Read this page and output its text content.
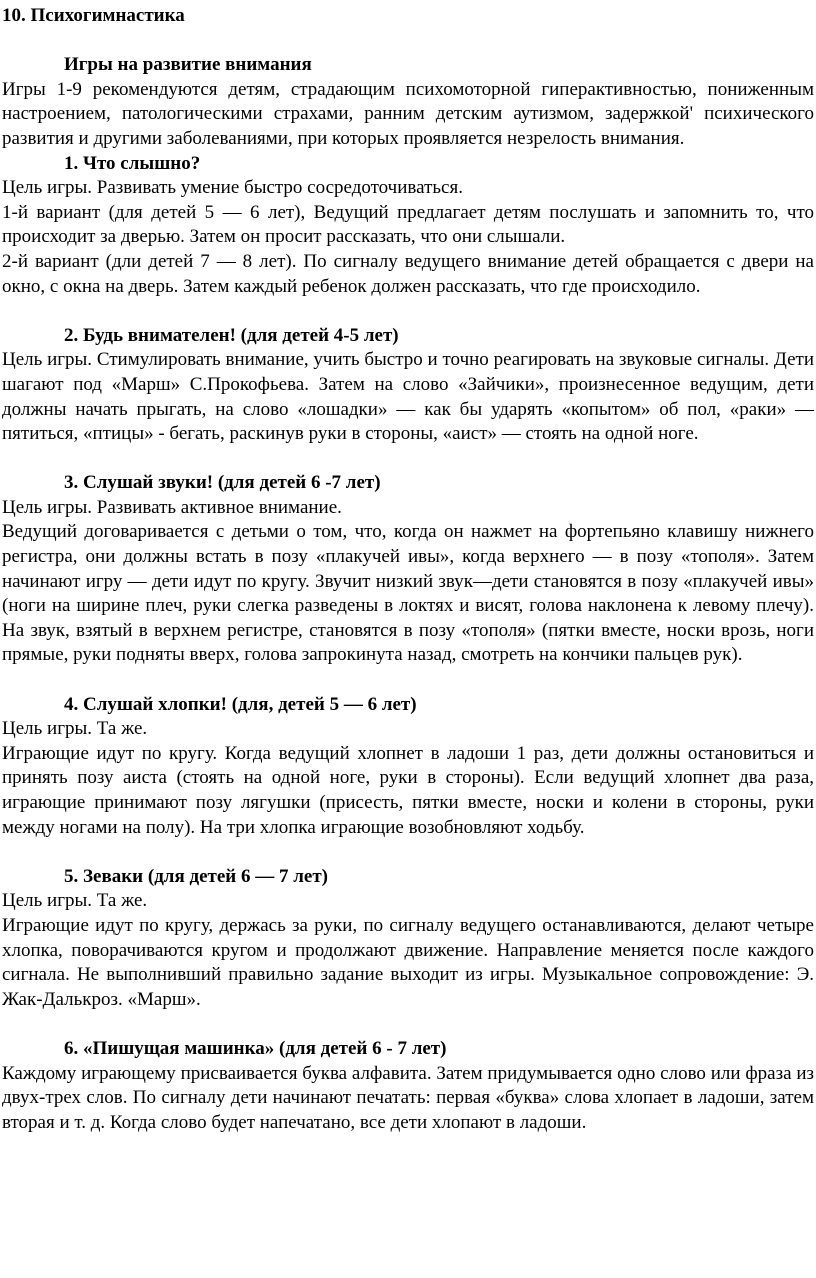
10. Психогимнастика
Игры на развитие внимания

Игры 1-9 рекомендуются детям, страдающим психомоторной гиперактивностью, пониженным настроением, патологическими страхами, ранним детским аутизмом, задержкой' психического развития и другими заболеваниями, при которых проявляется незрелость внимания.

1. Что слышно?

Цель игры. Развивать умение быстро сосредоточиваться.

1-й вариант (для детей 5 — 6 лет), Ведущий предлагает детям послушать и запомнить то, что происходит за дверью. Затем он просит рассказать, что они слышали.

2-й вариант (дли детей 7 — 8 лет). По сигналу ведущего внимание детей обращается с двери на окно, с окна на дверь. Затем каждый ребенок должен рассказать, что где происходило.

2. Будь внимателен! (для детей 4-5 лет)

Цель игры. Стимулировать внимание, учить быстро и точно реагировать на звуковые сигналы. Дети шагают под «Марш» С.Прокофьева. Затем на слово «Зайчики», произнесенное ведущим, дети должны начать прыгать, на слово «лошадки» — как бы ударять «копытом» об пол, «раки» — пятиться, «птицы» - бегать, раскинув руки в стороны, «аист» — стоять на одной ноге.

3. Слушай звуки! (для детей 6 -7 лет)

Цель игры. Развивать активное внимание.

Ведущий договаривается с детьми о том, что, когда он нажмет на фортепьяно клавишу нижнего регистра, они должны встать в позу «плакучей ивы», когда верхнего — в позу «тополя». Затем начинают игру — дети идут по кругу. Звучит низкий звук—дети становятся в позу «плакучей ивы» (ноги на ширине плеч, руки слегка разведены в локтях и висят, голова наклонена к левому плечу). На звук, взятый в верхнем регистре, становятся в позу «тополя» (пятки вместе, носки врозь, ноги прямые, руки подняты вверх, голова запрокинута назад, смотреть на кончики пальцев рук).

4. Слушай хлопки! (для, детей 5 — 6 лет)

Цель игры. Та же.

Играющие идут по кругу. Когда ведущий хлопнет в ладоши 1 раз, дети должны остановиться и принять позу аиста (стоять на одной ноге, руки в стороны). Если ведущий хлопнет два раза, играющие принимают позу лягушки (присесть, пятки вместе, носки и колени в стороны, руки между ногами на полу). На три хлопка играющие возобновляют ходьбу.

5. Зеваки (для детей 6 — 7 лет)

Цель игры. Та же.

Играющие идут по кругу, держась за руки, по сигналу ведущего останавливаются, делают четыре хлопка, поворачиваются кругом и продолжают движение. Направление меняется после каждого сигнала. Не выполнивший правильно задание выходит из игры. Музыкальное сопровождение: Э. Жак-Далькроз. «Марш».

6. «Пишущая машинка» (для детей 6 - 7 лет)

Каждому играющему присваивается буква алфавита. Затем придумывается одно слово или фраза из двух-трех слов. По сигналу дети начинают печатать: первая «буква» слова хлопает в ладоши, затем вторая и т. д. Когда слово будет напечатано, все дети хлопают в ладоши.
